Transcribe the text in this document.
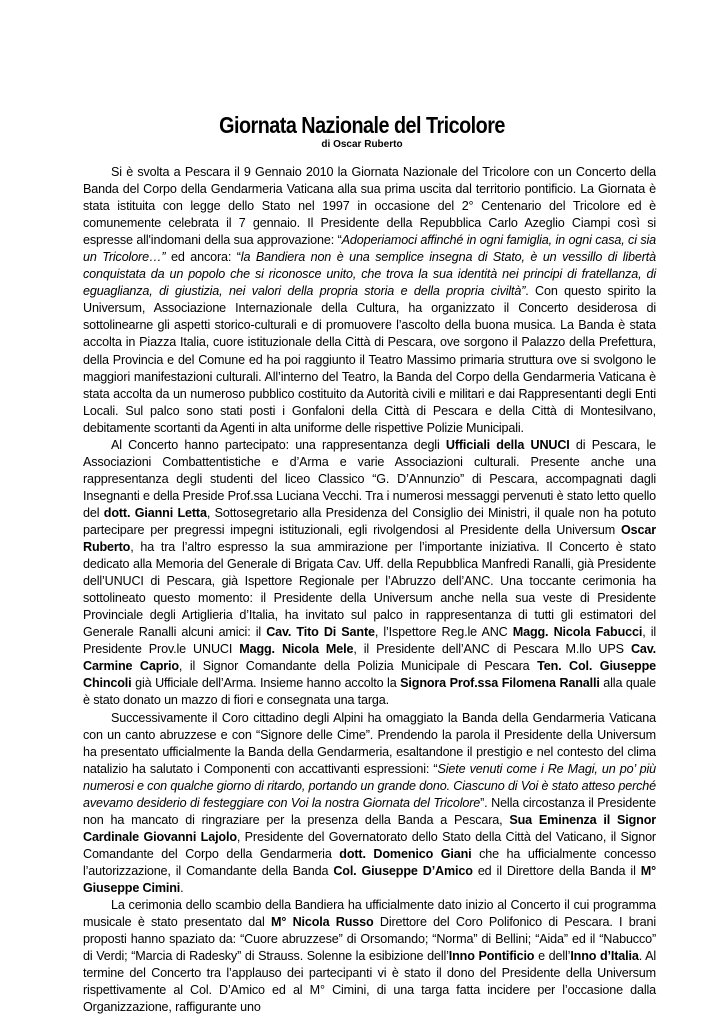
Giornata Nazionale del Tricolore
di Oscar Ruberto

Si è svolta a Pescara il 9 Gennaio 2010 la Giornata Nazionale del Tricolore con un Concerto della Banda del Corpo della Gendarmeria Vaticana alla sua prima uscita dal territorio pontificio. La Giornata è stata istituita con legge dello Stato nel 1997 in occasione del 2° Centenario del Tricolore ed è comunemente celebrata il 7 gennaio. Il Presidente della Repubblica Carlo Azeglio Ciampi così si espresse all'indomani della sua approvazione: “Adoperiamoci affinché in ogni famiglia, in ogni casa, ci sia un Tricolore…” ed ancora: “la Bandiera non è una semplice insegna di Stato, è un vessillo di libertà conquistata da un popolo che si riconosce unito, che trova la sua identità nei principi di fratellanza, di eguaglianza, di giustizia, nei valori della propria storia e della propria civiltà”. Con questo spirito la Universum, Associazione Internazionale della Cultura, ha organizzato il Concerto desiderosa di sottolinearne gli aspetti storico-culturali e di promuovere l’ascolto della buona musica. La Banda è stata accolta in Piazza Italia, cuore istituzionale della Città di Pescara, ove sorgono il Palazzo della Prefettura, della Provincia e del Comune ed ha poi raggiunto il Teatro Massimo primaria struttura ove si svolgono le maggiori manifestazioni culturali. All’interno del Teatro, la Banda del Corpo della Gendarmeria Vaticana è stata accolta da un numeroso pubblico costituito da Autorità civili e militari e dai Rappresentanti degli Enti Locali. Sul palco sono stati posti i Gonfaloni della Città di Pescara e della Città di Montesilvano, debitamente scortanti da Agenti in alta uniforme delle rispettive Polizie Municipali.

Al Concerto hanno partecipato: una rappresentanza degli Ufficiali della UNUCI di Pescara, le Associazioni Combattentistiche e d’Arma e varie Associazioni culturali. Presente anche una rappresentanza degli studenti del liceo Classico “G. D’Annunzio” di Pescara, accompagnati dagli Insegnanti e della Preside Prof.ssa Luciana Vecchi. Tra i numerosi messaggi pervenuti è stato letto quello del dott. Gianni Letta, Sottosegretario alla Presidenza del Consiglio dei Ministri, il quale non ha potuto partecipare per pregressi impegni istituzionali, egli rivolgendosi al Presidente della Universum Oscar Ruberto, ha tra l’altro espresso la sua ammirazione per l’importante iniziativa. Il Concerto è stato dedicato alla Memoria del Generale di Brigata Cav. Uff. della Repubblica Manfredi Ranalli, già Presidente dell’UNUCI di Pescara, già Ispettore Regionale per l’Abruzzo dell’ANC. Una toccante cerimonia ha sottolineato questo momento: il Presidente della Universum anche nella sua veste di Presidente Provinciale degli Artiglieria d’Italia, ha invitato sul palco in rappresentanza di tutti gli estimatori del Generale Ranalli alcuni amici: il Cav. Tito Di Sante, l’Ispettore Reg.le ANC Magg. Nicola Fabucci, il Presidente Prov.le UNUCI Magg. Nicola Mele, il Presidente dell’ANC di Pescara M.llo UPS Cav. Carmine Caprio, il Signor Comandante della Polizia Municipale di Pescara Ten. Col. Giuseppe Chincoli già Ufficiale dell’Arma. Insieme hanno accolto la Signora Prof.ssa Filomena Ranalli alla quale è stato donato un mazzo di fiori e consegnata una targa.

Successivamente il Coro cittadino degli Alpini ha omaggiato la Banda della Gendarmeria Vaticana con un canto abruzzese e con “Signore delle Cime”. Prendendo la parola il Presidente della Universum ha presentato ufficialmente la Banda della Gendarmeria, esaltandone il prestigio e nel contesto del clima natalizio ha salutato i Componenti con accattivanti espressioni: “Siete venuti come i Re Magi, un po’ più numerosi e con qualche giorno di ritardo, portando un grande dono. Ciascuno di Voi è stato atteso perché avevamo desiderio di festeggiare con Voi la nostra Giornata del Tricolore”. Nella circostanza il Presidente non ha mancato di ringraziare per la presenza della Banda a Pescara, Sua Eminenza il Signor Cardinale Giovanni Lajolo, Presidente del Governatorato dello Stato della Città del Vaticano, il Signor Comandante del Corpo della Gendarmeria dott. Domenico Giani che ha ufficialmente concesso l’autorizzazione, il Comandante della Banda Col. Giuseppe D’Amico ed il Direttore della Banda il M° Giuseppe Cimini.

La cerimonia dello scambio della Bandiera ha ufficialmente dato inizio al Concerto il cui programma musicale è stato presentato dal M° Nicola Russo Direttore del Coro Polifonico di Pescara. I brani proposti hanno spaziato da: “Cuore abruzzese” di Orsomando; “Norma” di Bellini; “Aida” ed il “Nabucco” di Verdi; “Marcia di Radesky” di Strauss. Solenne la esibizione dell’Inno Pontificio e dell’Inno d’Italia. Al termine del Concerto tra l’applauso dei partecipanti vi è stato il dono del Presidente della Universum rispettivamente al Col. D’Amico ed al M° Cimini, di una targa fatta incidere per l’occasione dalla Organizzazione, raffigurante uno
